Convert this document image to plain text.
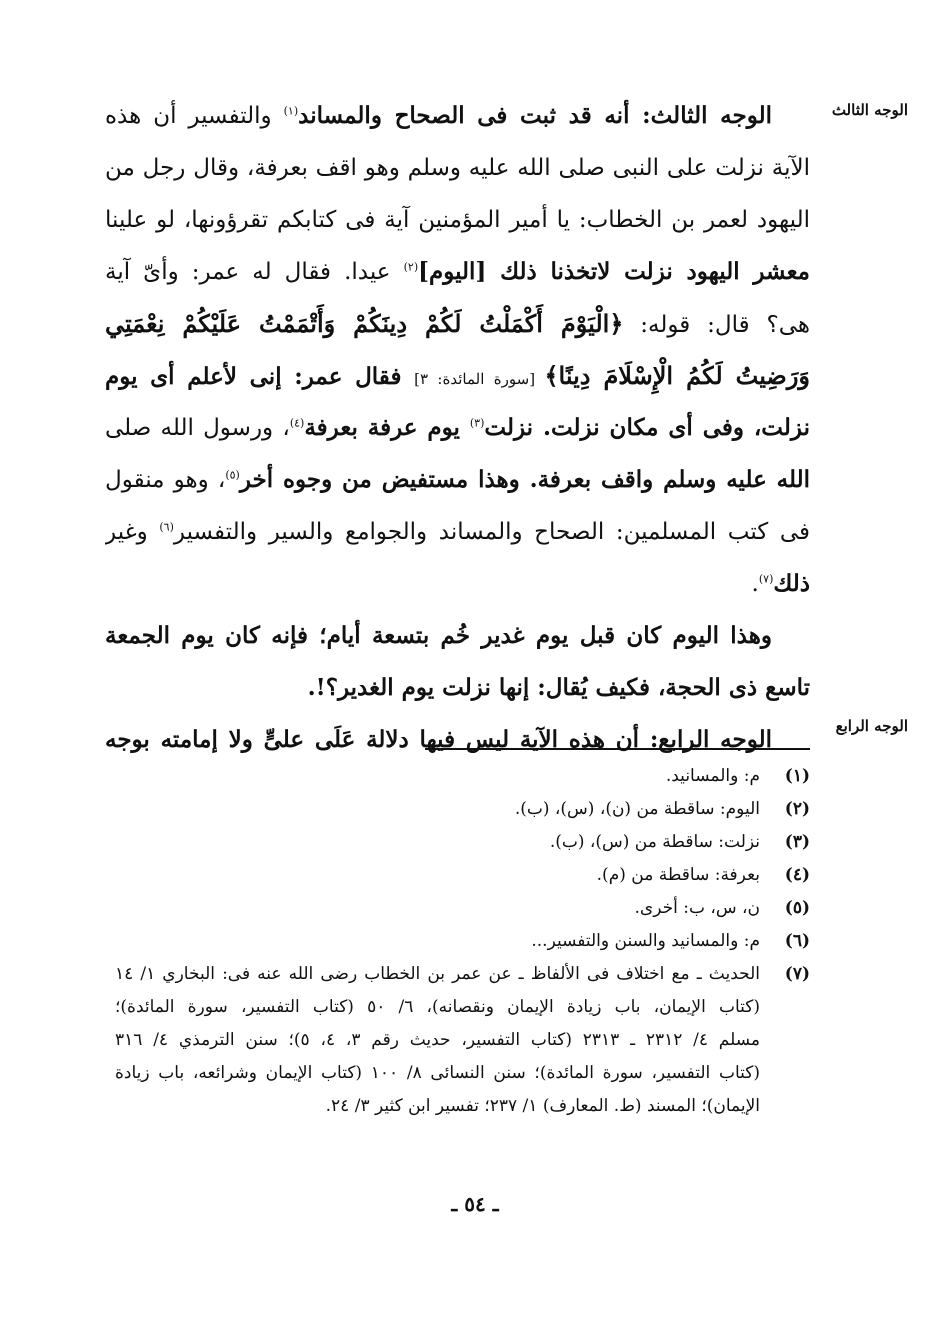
الوجه الثالث
الوجه الرابع
الوجه الثالث: أنه قد ثبت فى الصحاح والمساند$^{(١)}$ والتفسير أن هذه
الآية نزلت على النبى صلى الله عليه وسلم وهو اقف بعرفة، وقال رجل من
اليهود لعمر بن الخطاب: يا أمير المؤمنين آية فى كتابكم تقرؤونها، لو علينا
معشر اليهود نزلت لاتخذنا ذلك [اليوم]$^{(٢)}$ عيدا. فقال له عمر: وأىّ آية
هى؟ قال: قوله: ﴿الْيَوْمَ أَكْمَلْتُ لَكُمْ دِينَكُمْ وَأَتْمَمْتُ عَلَيْكُمْ نِعْمَتِي
وَرَضِيتُ لَكُمُ الْإِسْلَامَ دِينًا﴾ [سورة المائدة: ٣] فقال عمر: إنى لأعلم أى يوم
نزلت، وفى أى مكان نزلت. نزلت$^{(٣)}$ يوم عرفة بعرفة$^{(٤)}$، ورسول الله صلى
الله عليه وسلم واقف بعرفة. وهذا مستفيض من وجوه أخر$^{(٥)}$، وهو منقول
فى كتب المسلمين: الصحاح والمساند والجوامع والسير والتفسير$^{(٦)}$ وغير
ذلك$^{(٧)}$.
وهذا اليوم كان قبل يوم غدير خُم بتسعة أيام؛ فإنه كان يوم الجمعة
تاسع ذى الحجة، فكيف يُقال: إنها نزلت يوم الغدير؟!.
الوجه الرابع: أن هذه الآية ليس فيها دلالة عَلَى علىٍّ ولا إمامته بوجه
(١)
م: والمسانيد.
(٢)
اليوم: ساقطة من (ن)، (س)، (ب).
(٣)
نزلت: ساقطة من (س)، (ب).
(٤)
بعرفة: ساقطة من (م).
(٥)
ن، س، ب: أخرى.
(٦)
م: والمسانيد والسنن والتفسير...
(٧)
الحديث ـ مع اختلاف فى الألفاظ ـ عن عمر بن الخطاب رضى الله عنه فى: البخاري ١/ ١٤
(كتاب الإيمان، باب زيادة الإيمان ونقصانه)، ٦/ ٥٠ (كتاب التفسير، سورة المائدة)؛
مسلم ٤/ ٢٣١٢ ـ ٢٣١٣ (كتاب التفسير، حديث رقم ٣، ٤، ٥)؛ سنن الترمذي ٤/ ٣١٦
(كتاب التفسير، سورة المائدة)؛ سنن النسائى ٨/ ١٠٠ (كتاب الإيمان وشرائعه، باب زيادة
الإيمان)؛ المسند (ط. المعارف) ١/ ٢٣٧؛ تفسير ابن كثير ٣/ ٢٤.
ـ ٥٤ ـ
